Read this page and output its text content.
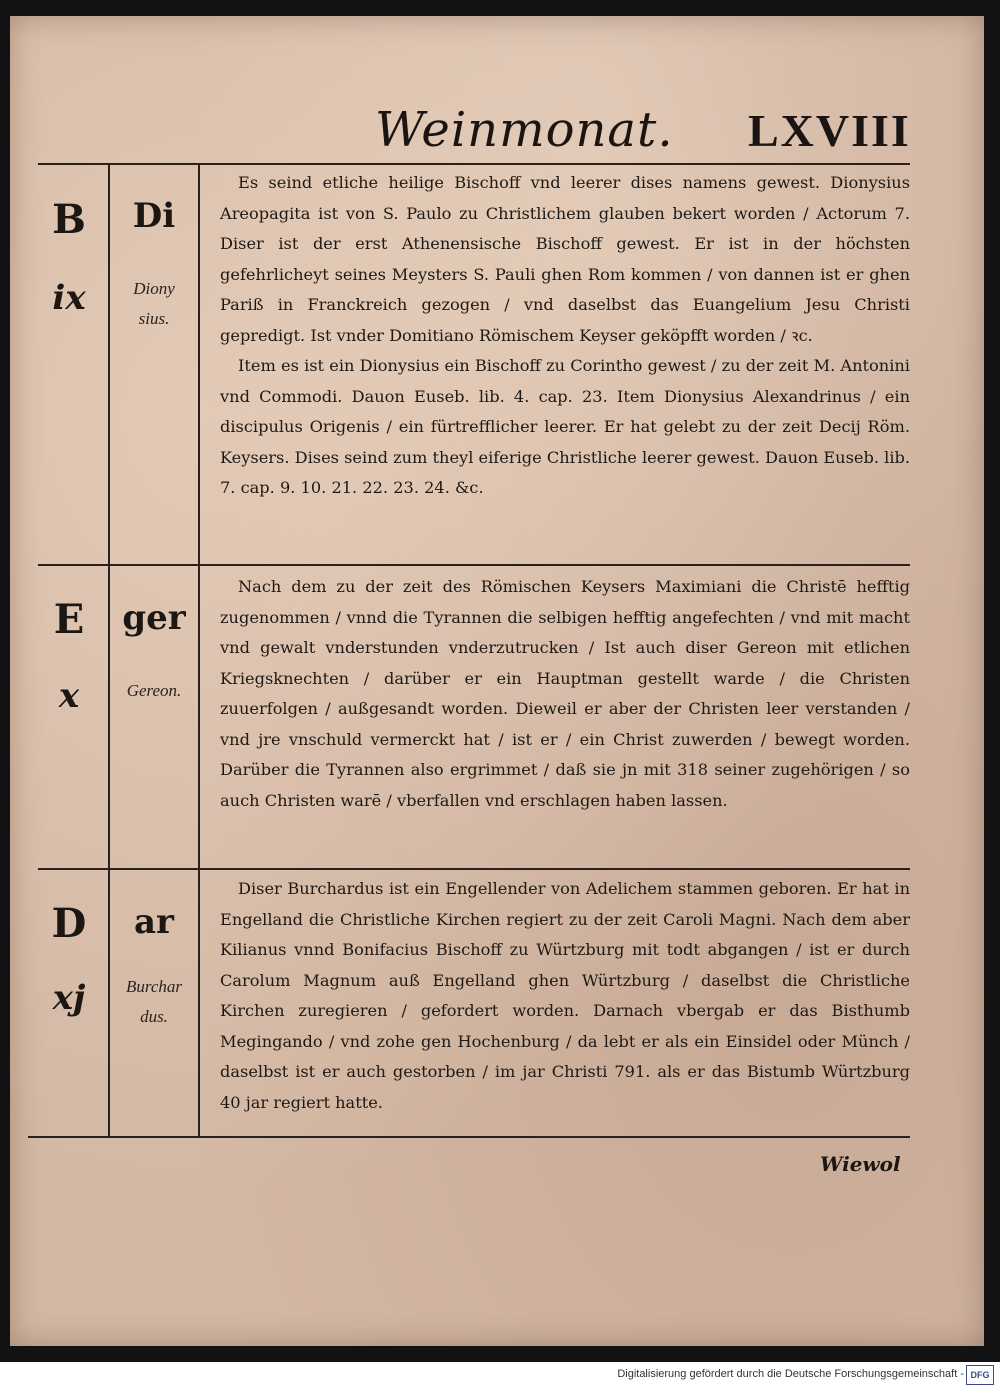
Weinmonat. LXVIII
B
ix
Di
Diony
sius.

Es seind etliche heilige Bischoff vnd leerer dises namens gewest. Dionysius Areopagita ist von S. Paulo zu Christlichem glauben bekert worden / Actorum 7. Diser ist der erst Athenensische Bischoff gewest. Er ist in der höchsten gefehrlicheyt seines Meysters S. Pauli ghen Rom kommen / von dannen ist er ghen Pariß in Franckreich gezogen / vnd daselbst das Euangelium Jesu Christi gepredigt. Ist vnder Domitiano Römischem Keyser geköpfft worden / ꝛc.

Item es ist ein Dionysius ein Bischoff zu Corintho gewest / zu der zeit M. Antonini vnd Commodi. Dauon Euseb. lib. 4. cap. 23. Item Dionysius Alexandrinus / ein discipulus Origenis / ein fürtrefflicher leerer. Er hat gelebt zu der zeit Decij Röm. Keysers. Dises seind zum theyl eiferige Christliche leerer gewest. Dauon Euseb. lib. 7. cap. 9. 10. 21. 22. 23. 24. &c.

E
x
ger
Gereon.

Nach dem zu der zeit des Römischen Keysers Maximiani die Christē hefftig zugenommen / vnnd die Tyrannen die selbigen hefftig angefechten / vnd mit macht vnd gewalt vnderstunden vnderzutrucken / Ist auch diser Gereon mit etlichen Kriegsknechten / darüber er ein Hauptman gestellt warde / die Christen zuuerfolgen / außgesandt worden. Dieweil er aber der Christen leer verstanden / vnd jre vnschuld vermerckt hat / ist er / ein Christ zuwerden / bewegt worden. Darüber die Tyrannen also ergrimmet / daß sie jn mit 318 seiner zugehörigen / so auch Christen warē / vberfallen vnd erschlagen haben lassen.

D
xj
ar
Burchar
dus.

Diser Burchardus ist ein Engellender von Adelichem stammen geboren. Er hat in Engelland die Christliche Kirchen regiert zu der zeit Caroli Magni. Nach dem aber Kilianus vnnd Bonifacius Bischoff zu Würtzburg mit todt abgangen / ist er durch Carolum Magnum auß Engelland ghen Würtzburg / daselbst die Christliche Kirchen zuregieren / gefordert worden. Darnach vbergab er das Bisthumb Megingando / vnd zohe gen Hochenburg / da lebt er als ein Einsidel oder Münch / daselbst ist er auch gestorben / im jar Christi 791. als er das Bistumb Würtzburg 40 jar regiert hatte.

Wiewol
Digitalisierung gefördert durch die Deutsche Forschungsgemeinschaft - DFG
